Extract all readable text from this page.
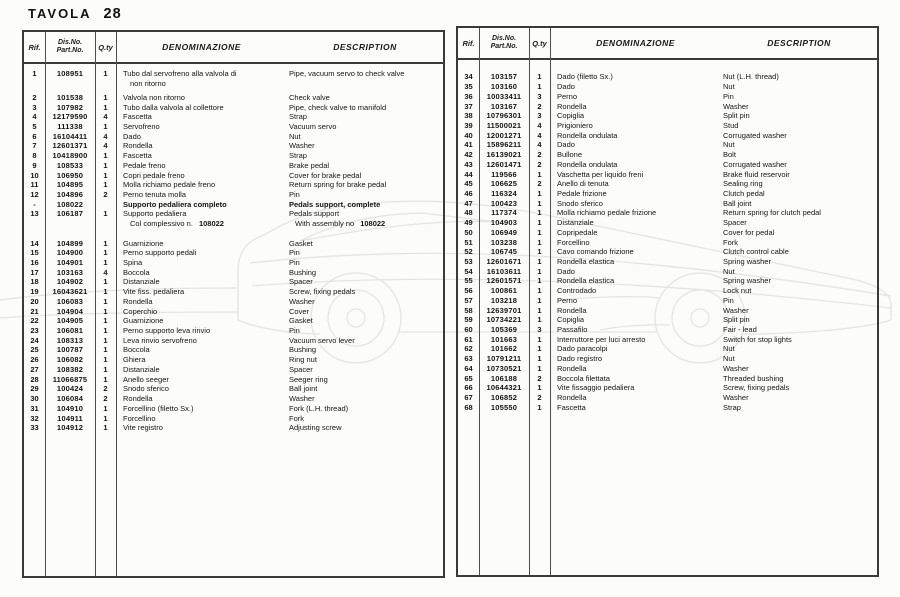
TAVOLA 28
Rif.
Dis.No.
Part.No.	Q.ty	DENOMINAZIONE	DESCRIPTION
1	108951	1	Tubo dal servofreno alla valvola di	Pipe, vacuum servo to check valve
non ritorno
2	101538	1	Valvola non ritorno	Check valve
3	107982	1	Tubo dalla valvola al collettore	Pipe, check valve to manifold
4	12179590	4	Fascetta	Strap
5	111338	1	Servofreno	Vacuum servo
6	16104411	4	Dado	Nut
7	12601371	4	Rondella	Washer
8	10418900	1	Fascetta	Strap
9	108533	1	Pedale freno	Brake pedal
10	106950	1	Copri pedale freno	Cover for brake pedal
11	104895	1	Molla richiamo pedale freno	Return spring for brake pedal
12	104896	2	Perno tenuta molla	Pin
-	108022	Supporto pedaliera completo	Pedals support, complete
13	106187	1	Supporto pedaliera	Pedals support
Col complessivo n. 108022	With assembly no 108022
14	104899	1	Guarnizione	Gasket
15	104900	1	Perno supporto pedali	Pin
16	104901	1	Spina	Pin
17	103163	4	Boccola	Bushing
18	104902	1	Distanziale	Spacer
19	16043621	1	Vite fiss. pedaliera	Screw, fixing pedals
20	106083	1	Rondella	Washer
21	104904	1	Coperchio	Cover
22	104905	1	Guarnizione	Gasket
23	106081	1	Perno supporto leva rinvio	Pin
24	108313	1	Leva rinvio servofreno	Vacuum servo lever
25	100787	1	Boccola	Bushing
26	106082	1	Ghiera	Ring nut
27	108382	1	Distanziale	Spacer
28	11066875	1	Anello seeger	Seeger ring
29	100424	2	Snodo sferico	Ball joint
30	106084	2	Rondella	Washer
31	104910	1	Forcellino (filetto Sx.)	Fork (L.H. thread)
32	104911	1	Forcellino	Fork
33	104912	1	Vite registro	Adjusting screw
Rif.
Dis.No.
Part.No.	Q.ty	DENOMINAZIONE	DESCRIPTION
34	103157	1	Dado (filetto Sx.)	Nut (L.H. thread)
35	103160	1	Dado	Nut
36	10033411	3	Perno	Pin
37	103167	2	Rondella	Washer
38	10796301	3	Copiglia	Split pin
39	11500021	4	Prigioniero	Stud
40	12001271	4	Rondella ondulata	Corrugated washer
41	15896211	4	Dado	Nut
42	16139021	2	Bullone	Bolt
43	12601471	2	Rondella ondulata	Corrugated washer
44	119566	1	Vaschetta per liquido freni	Brake fluid reservoir
45	106625	2	Anello di tenuta	Sealing ring
46	116324	1	Pedale frizione	Clutch pedal
47	100423	1	Snodo sferico	Ball joint
48	117374	1	Molla richiamo pedale frizione	Return spring for clutch pedal
49	104903	1	Distanziale	Spacer
50	106949	1	Copripedale	Cover for pedal
51	103238	1	Forcellino	Fork
52	106745	1	Cavo comando frizione	Clutch control cable
53	12601671	1	Rondella elastica	Spring washer
54	16103611	1	Dado	Nut
55	12601571	1	Rondella elastica	Spring washer
56	100861	1	Controdado	Lock nut
57	103218	1	Perno	Pin
58	12639701	1	Rondella	Washer
59	10734221	1	Copiglia	Split pin
60	105369	3	Passafilo	Fair - lead
61	101663	1	Interruttore per luci arresto	Switch for stop lights
62	101662	1	Dado paracolpi	Nut
63	10791211	1	Dado registro	Nut
64	10730521	1	Rondella	Washer
65	106188	2	Boccola filettata	Threaded bushing
66	10644321	1	Vite fissaggio pedaliera	Screw, fixing pedals
67	106852	2	Rondella	Washer
68	105550	1	Fascetta	Strap
